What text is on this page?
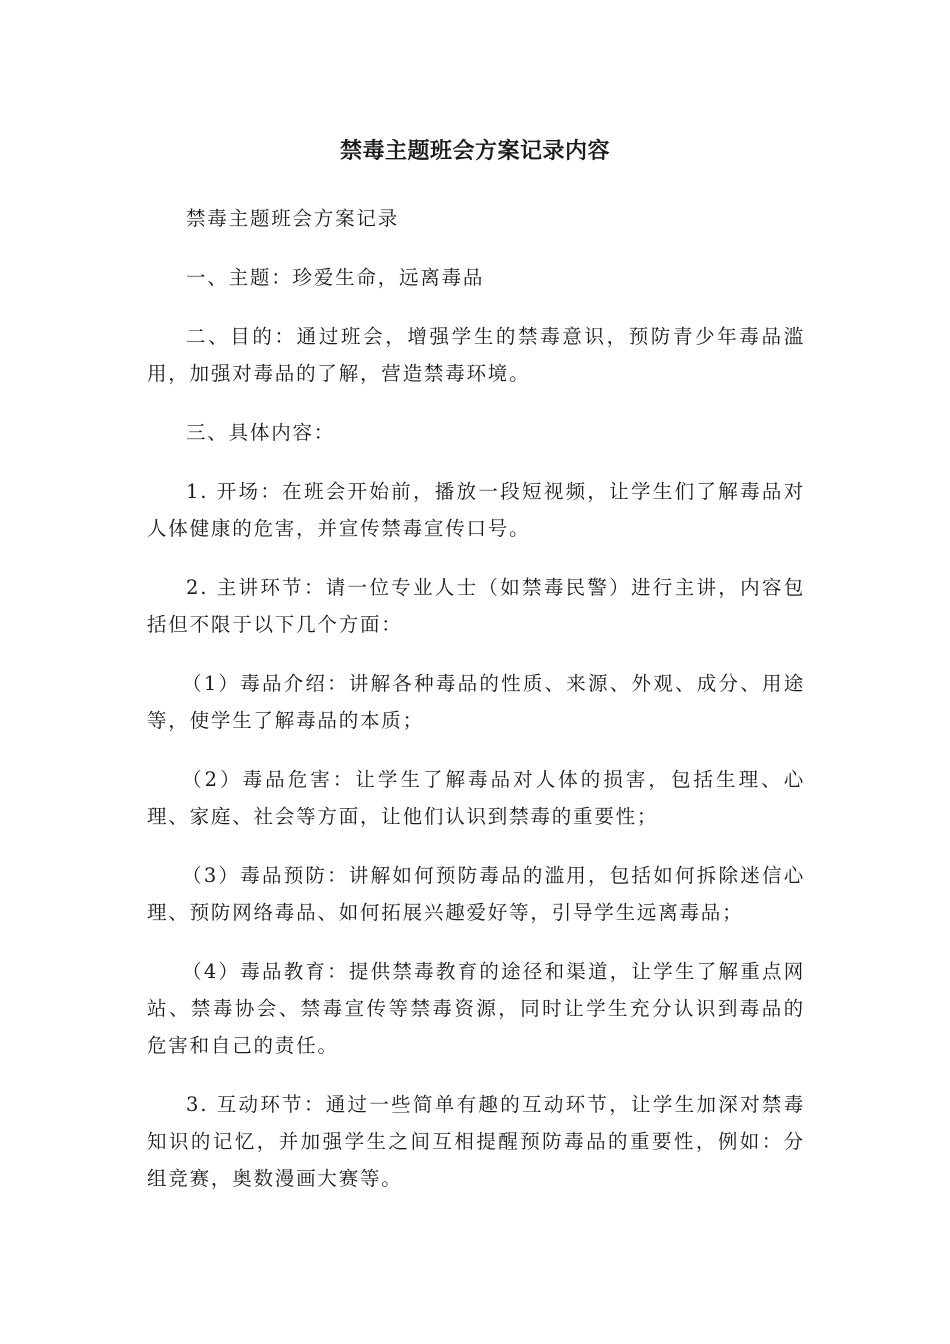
禁毒主题班会方案记录内容

禁毒主题班会方案记录

一、主题：珍爱生命，远离毒品

二、目的：通过班会，增强学生的禁毒意识，预防青少年毒品滥用，加强对毒品的了解，营造禁毒环境。

三、具体内容：

1. 开场：在班会开始前，播放一段短视频，让学生们了解毒品对人体健康的危害，并宣传禁毒宣传口号。

2. 主讲环节：请一位专业人士（如禁毒民警）进行主讲，内容包括但不限于以下几个方面：

（1）毒品介绍：讲解各种毒品的性质、来源、外观、成分、用途等，使学生了解毒品的本质；

（2）毒品危害：让学生了解毒品对人体的损害，包括生理、心理、家庭、社会等方面，让他们认识到禁毒的重要性；

（3）毒品预防：讲解如何预防毒品的滥用，包括如何拆除迷信心理、预防网络毒品、如何拓展兴趣爱好等，引导学生远离毒品；

（4）毒品教育：提供禁毒教育的途径和渠道，让学生了解重点网站、禁毒协会、禁毒宣传等禁毒资源，同时让学生充分认识到毒品的危害和自己的责任。

3. 互动环节：通过一些简单有趣的互动环节，让学生加深对禁毒知识的记忆，并加强学生之间互相提醒预防毒品的重要性，例如：分组竞赛，奥数漫画大赛等。
